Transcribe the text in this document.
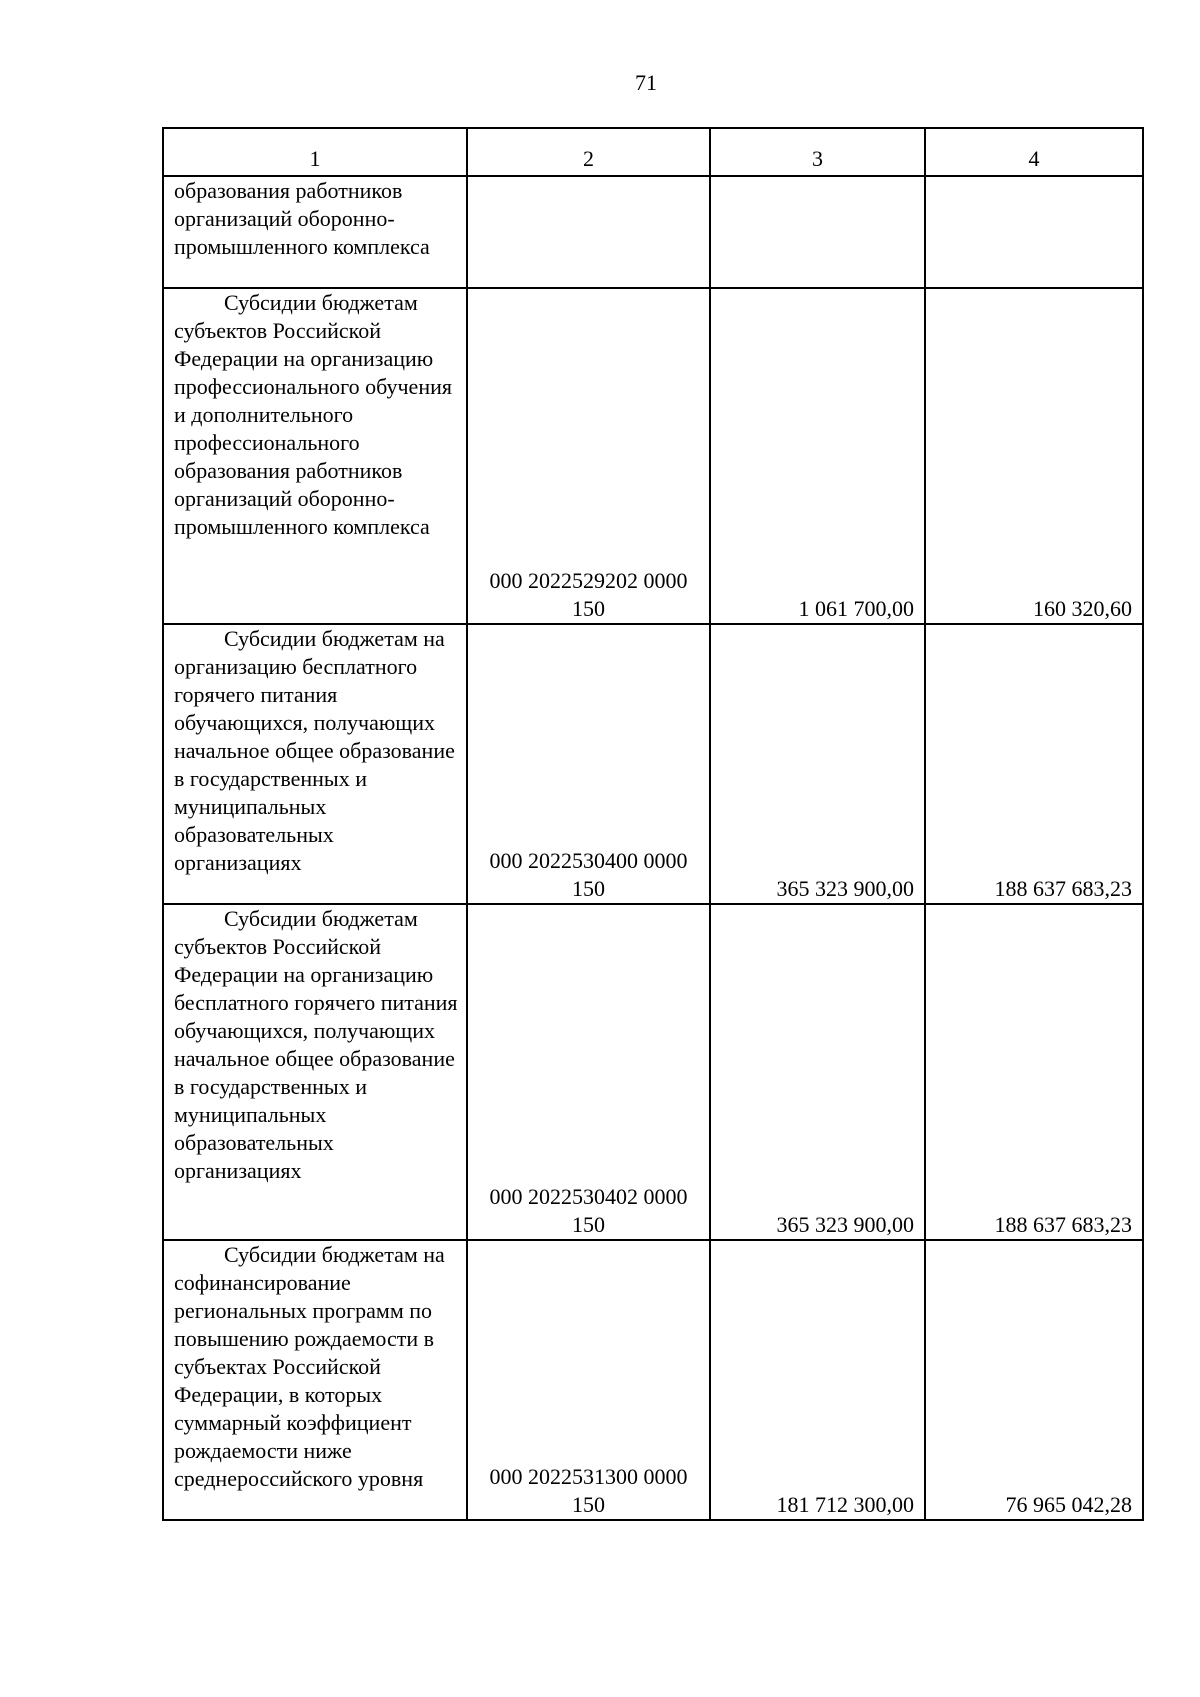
71
1	2	3	4
образования работников организаций оборонно-промышленного комплекса			
Субсидии бюджетам субъектов Российской Федерации на организацию профессионального обучения и дополнительного профессионального образования работников организаций оборонно-промышленного комплекса	000 2022529202 0000 150	1 061 700,00	160 320,60
Субсидии бюджетам на организацию бесплатного горячего питания обучающихся, получающих начальное общее образование в государственных и муниципальных образовательных организациях	000 2022530400 0000 150	365 323 900,00	188 637 683,23
Субсидии бюджетам субъектов Российской Федерации на организацию бесплатного горячего питания обучающихся, получающих начальное общее образование в государственных и муниципальных образовательных организациях	000 2022530402 0000 150	365 323 900,00	188 637 683,23
Субсидии бюджетам на софинансирование региональных программ по повышению рождаемости в субъектах Российской Федерации, в которых суммарный коэффициент рождаемости ниже среднероссийского уровня	000 2022531300 0000 150	181 712 300,00	76 965 042,28
